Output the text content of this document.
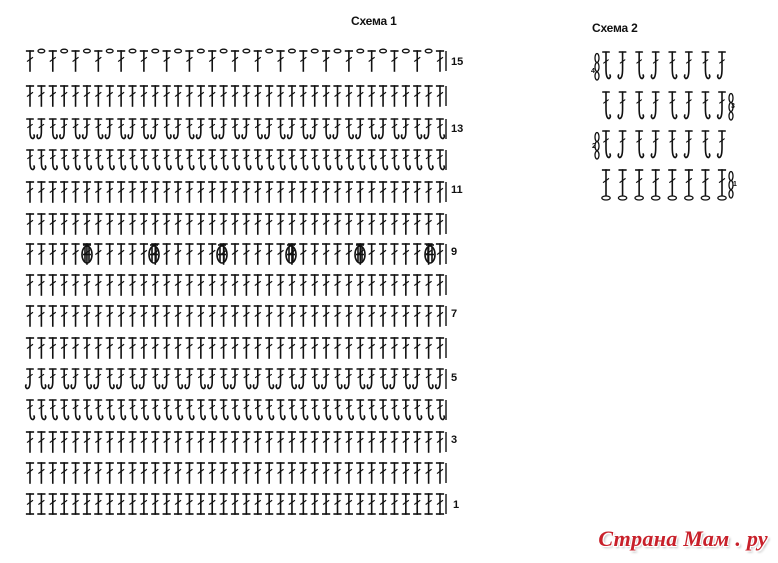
Схема 1	Схема 2
15
13
11
9
7
5
3
1
4
3
2
1
Страна Мам . ру
